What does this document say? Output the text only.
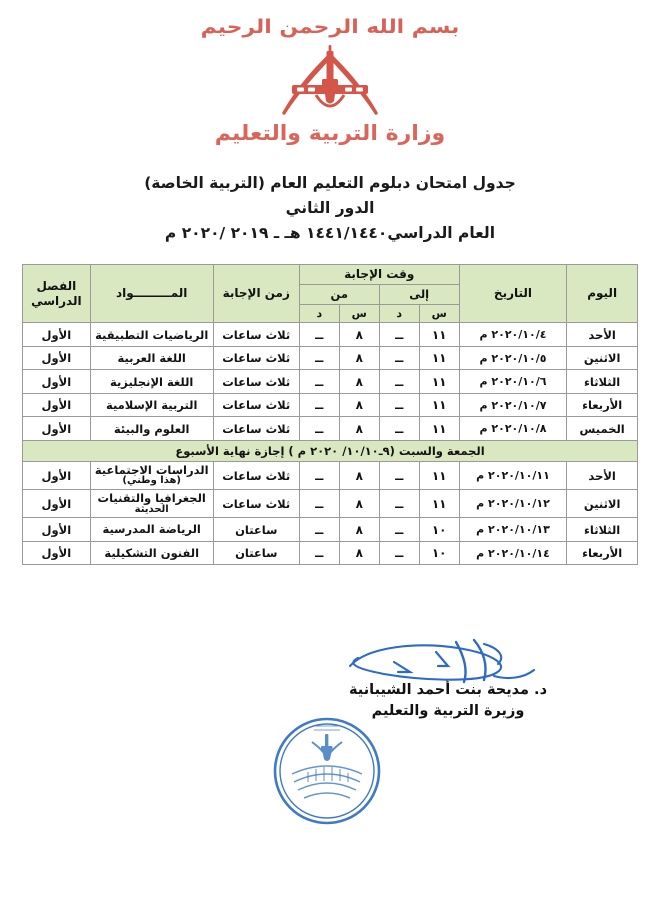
بسم الله الرحمن الرحيم
وزارة التربية والتعليم
جدول امتحان دبلوم التعليم العام (التربية الخاصة)
الدور الثاني
العام الدراسي١٤٤١/١٤٤٠ هـ ـ ٢٠١٩ /٢٠٢٠ م
اليوم	التاريخ	وقت الإجابة				زمن الإجابة	المـــــــــواد	الفصل الدراسي
		إلى		من				
		س	د	س	د			
الأحد	٢٠٢٠/١٠/٤ م	١١	ــ	٨	ــ	ثلاث ساعات	الرياضيات التطبيقية	الأول
الاثنين	٢٠٢٠/١٠/٥ م	١١	ــ	٨	ــ	ثلاث ساعات	اللغة العربية	الأول
الثلاثاء	٢٠٢٠/١٠/٦ م	١١	ــ	٨	ــ	ثلاث ساعات	اللغة الإنجليزية	الأول
الأربعاء	٢٠٢٠/١٠/٧ م	١١	ــ	٨	ــ	ثلاث ساعات	التربية الإسلامية	الأول
الخميس	٢٠٢٠/١٠/٨ م	١١	ــ	٨	ــ	ثلاث ساعات	العلوم والبيئة	الأول
الجمعة والسبت (٩ـ١٠/١٠/ ٢٠٢٠ م ) إجازة نهاية الأسبوع								
الأحد	٢٠٢٠/١٠/١١ م	١١	ــ	٨	ــ	ثلاث ساعات	الدراسات الاجتماعية
(هذا وطني)	الأول
الاثنين	٢٠٢٠/١٠/١٢ م	١١	ــ	٨	ــ	ثلاث ساعات	الجغرافيا والتقنيات
الحديثة	الأول
الثلاثاء	٢٠٢٠/١٠/١٣ م	١٠	ــ	٨	ــ	ساعتان	الرياضة المدرسية	الأول
الأربعاء	٢٠٢٠/١٠/١٤ م	١٠	ــ	٨	ــ	ساعتان	الفنون التشكيلية	الأول
د. مديحة بنت أحمد الشيبانية
وزيرة التربية والتعليم
